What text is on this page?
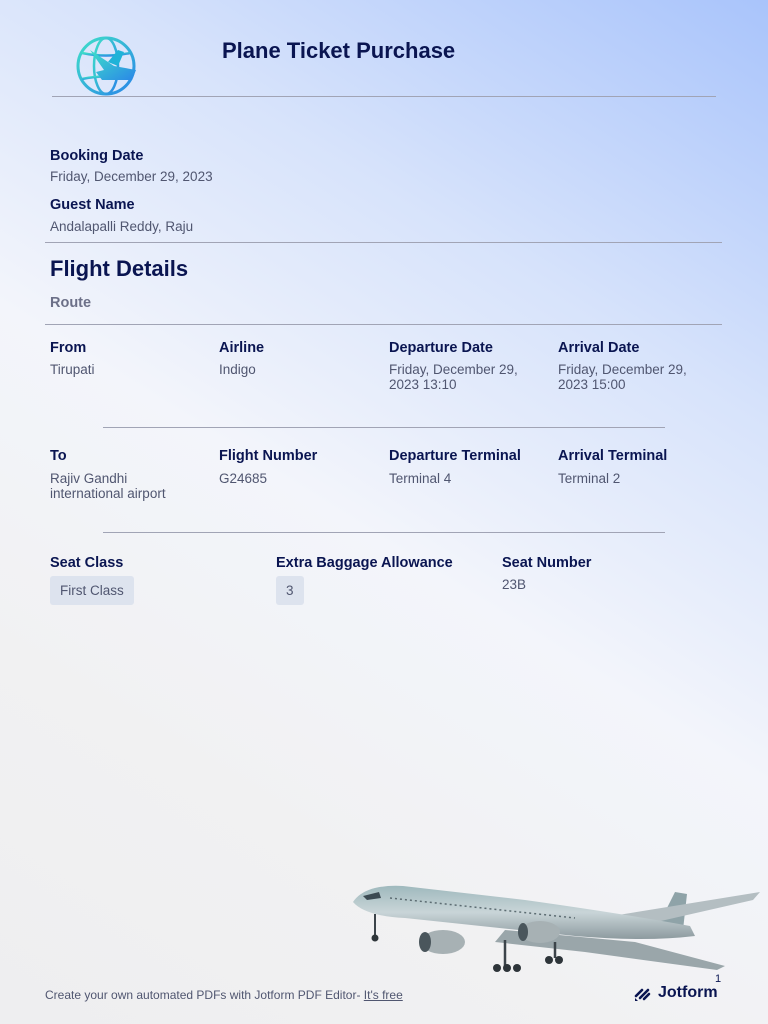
Plane Ticket Purchase
Booking Date
Friday, December 29, 2023
Guest Name
Andalapalli Reddy, Raju
Flight Details
Route
From
Tirupati
Airline
Indigo
Departure Date
Friday, December 29,
2023 13:10
Arrival Date
Friday, December 29,
2023 15:00
To
Rajiv Gandhi
international airport
Flight Number
G24685
Departure Terminal
Terminal 4
Arrival Terminal
Terminal 2
Seat Class
First Class
Extra Baggage Allowance
3
Seat Number
23B
Create your own automated PDFs with Jotform PDF Editor- It's free
1
Jotform
